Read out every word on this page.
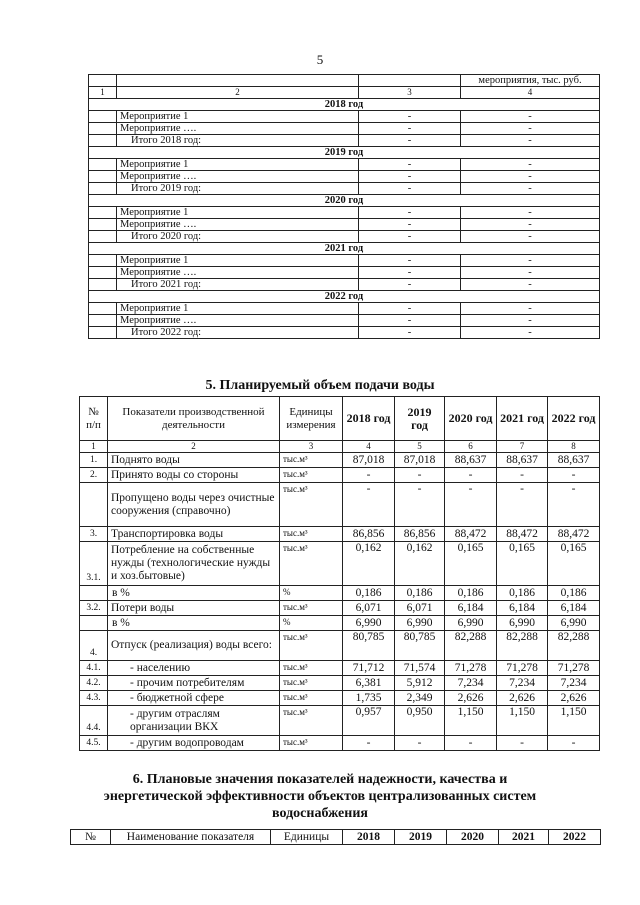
5
			мероприятия, тыс. руб.
1	2	3	4
2018 год			
	Мероприятие 1	-	-
	Мероприятие ….	-	-
	Итого 2018 год:	-	-
2019 год			
	Мероприятие 1	-	-
	Мероприятие ….	-	-
	Итого 2019 год:	-	-
2020 год			
	Мероприятие 1	-	-
	Мероприятие ….	-	-
	Итого 2020 год:	-	-
2021 год			
	Мероприятие 1	-	-
	Мероприятие ….	-	-
	Итого 2021 год:	-	-
2022 год			
	Мероприятие 1	-	-
	Мероприятие ….	-	-
	Итого 2022 год:	-	-
5. Планируемый объем подачи воды
№ п/п	Показатели производственной деятельности	Единицы измерения	2018 год	2019 год	2020 год	2021 год	2022 год
1	2	3	4	5	6	7	8
1.	Поднято воды	тыс.м³	87,018	87,018	88,637	88,637	88,637
2.	Принято воды со стороны	тыс.м³	-	-	-	-	-
	Пропущено воды через очистные сооружения (справочно)	тыс.м³	-	-	-	-	-
3.	Транспортировка воды	тыс.м³	86,856	86,856	88,472	88,472	88,472
3.1.	Потребление на собственные нужды (технологические нужды и хоз.бытовые)	тыс.м³	0,162	0,162	0,165	0,165	0,165
	в %	%	0,186	0,186	0,186	0,186	0,186
3.2.	Потери воды	тыс.м³	6,071	6,071	6,184	6,184	6,184
	в %	%	6,990	6,990	6,990	6,990	6,990
4.	Отпуск (реализация) воды всего:	тыс.м³	80,785	80,785	82,288	82,288	82,288
4.1.	- населению	тыс.м³	71,712	71,574	71,278	71,278	71,278
4.2.	- прочим потребителям	тыс.м³	6,381	5,912	7,234	7,234	7,234
4.3.	- бюджетной сфере	тыс.м³	1,735	2,349	2,626	2,626	2,626
4.4.	- другим отраслям организации ВКХ	тыс.м³	0,957	0,950	1,150	1,150	1,150
4.5.	- другим водопроводам	тыс.м³	-	-	-	-	-
6. Плановые значения показателей надежности, качества и
энергетической эффективности объектов централизованных систем
водоснабжения
№	Наименование показателя	Единицы	2018	2019	2020	2021	2022
